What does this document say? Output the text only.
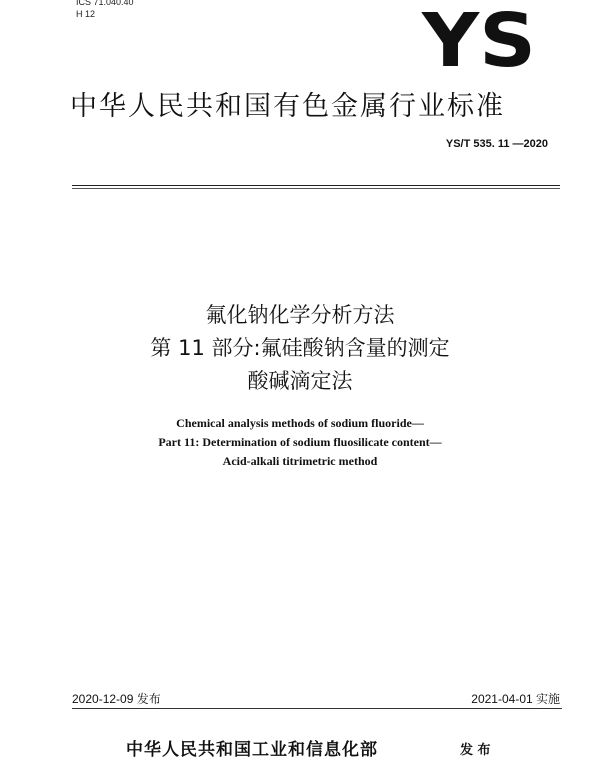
ICS 71.040.40
H 12	YS
中华人民共和国有色金属行业标准
YS/T 535. 11 —2020
氟化钠化学分析方法
第 11 部分:氟硅酸钠含量的测定
酸碱滴定法
Chemical analysis methods of sodium fluoride—
Part 11: Determination of sodium fluosilicate content—
Acid-alkali titrimetric method
2020-12-09 发布	2021-04-01 实施
中华人民共和国工业和信息化部	发 布
